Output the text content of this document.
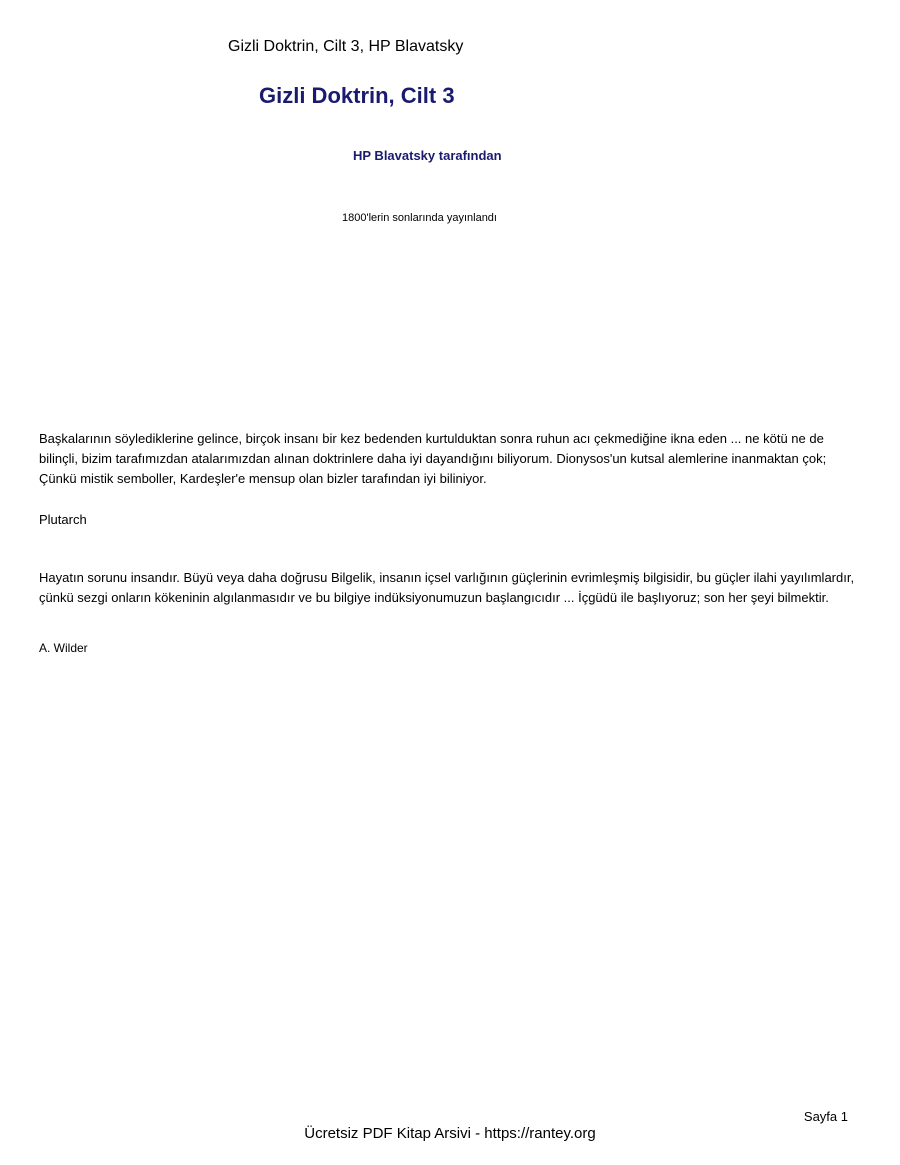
Gizli Doktrin, Cilt 3, HP Blavatsky
Gizli Doktrin, Cilt 3
HP Blavatsky tarafından
1800'lerin sonlarında yayınlandı
Başkalarının söylediklerine gelince, birçok insanı bir kez bedenden kurtulduktan sonra ruhun acı çekmediğine ikna eden ... ne kötü ne de bilinçli, bizim tarafımızdan atalarımızdan alınan doktrinlere daha iyi dayandığını biliyorum. Dionysos'un kutsal alemlerine inanmaktan çok; Çünkü mistik semboller, Kardeşler'e mensup olan bizler tarafından iyi biliniyor.
Plutarch
Hayatın sorunu insandır. Büyü veya daha doğrusu Bilgelik, insanın içsel varlığının güçlerinin evrimleşmiş bilgisidir, bu güçler ilahi yayılımlardır, çünkü sezgi onların kökeninin algılanmasıdır ve bu bilgiye indüksiyonumuzun başlangıcıdır ... İçgüdü ile başlıyoruz; son her şeyi bilmektir.
A. Wilder
Sayfa 1
Ücretsiz PDF Kitap Arsivi - https://rantey.org
